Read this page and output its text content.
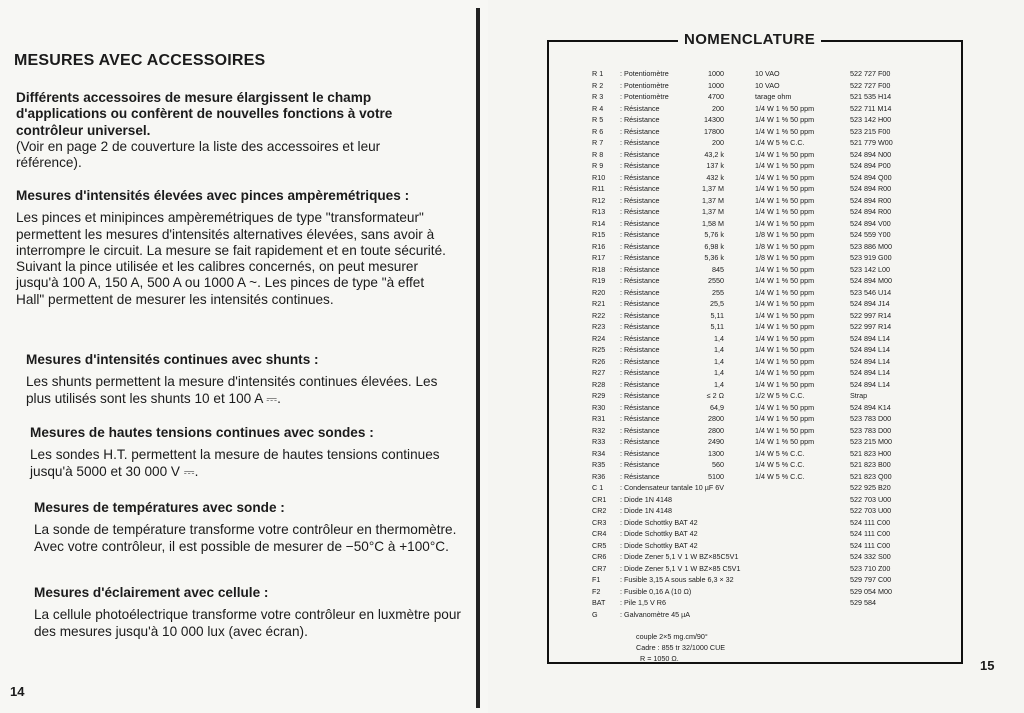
MESURES AVEC ACCESSOIRES

Différents accessoires de mesure élargissent le champ d'applications ou confèrent de nouvelles fonctions à votre contrôleur universel.

(Voir en page 2 de couverture la liste des accessoires et leur référence).

Mesures d'intensités élevées avec pinces ampèremétriques :

Les pinces et minipinces ampèremétriques de type "transformateur" permettent les mesures d'intensités alternatives élevées, sans avoir à interrompre le circuit. La mesure se fait rapidement et en toute sécurité. Suivant la pince utilisée et les calibres concernés, on peut mesurer jusqu'à 100 A, 150 A, 500 A ou 1000 A ~. Les pinces de type "à effet Hall" permettent de mesurer les intensités continues.

Mesures d'intensités continues avec shunts :

Les shunts permettent la mesure d'intensités continues élevées. Les plus utilisés sont les shunts 10 et 100 A ⎓.

Mesures de hautes tensions continues avec sondes :

Les sondes H.T. permettent la mesure de hautes tensions continues jusqu'à 5000 et 30 000 V ⎓.

Mesures de températures avec sonde :

La sonde de température transforme votre contrôleur en thermomètre. Avec votre contrôleur, il est possible de mesurer de −50°C à +100°C.

Mesures d'éclairement avec cellule :

La cellule photoélectrique transforme votre contrôleur en luxmètre pour des mesures jusqu'à 10 000 lux (avec écran).

14
NOMENCLATURE
R 1	: Potentiomètre	1000	10 VAO	522 727 F00
R 2	: Potentiomètre	1000	10 VAO	522 727 F00
R 3	: Potentiomètre	4700	tarage ohm	521 535 H14
R 4	: Résistance	200	1/4 W 1 % 50 ppm	522 711 M14
R 5	: Résistance	14300	1/4 W 1 % 50 ppm	523 142 H00
R 6	: Résistance	17800	1/4 W 1 % 50 ppm	523 215 F00
R 7	: Résistance	200	1/4 W 5 % C.C.	521 779 W00
R 8	: Résistance	43,2 k	1/4 W 1 % 50 ppm	524 894 N00
R 9	: Résistance	137 k	1/4 W 1 % 50 ppm	524 894 P00
R10	: Résistance	432 k	1/4 W 1 % 50 ppm	524 894 Q00
R11	: Résistance	1,37 M	1/4 W 1 % 50 ppm	524 894 R00
R12	: Résistance	1,37 M	1/4 W 1 % 50 ppm	524 894 R00
R13	: Résistance	1,37 M	1/4 W 1 % 50 ppm	524 894 R00
R14	: Résistance	1,58 M	1/4 W 1 % 50 ppm	524 894 V00
R15	: Résistance	5,76 k	1/8 W 1 % 50 ppm	524 559 Y00
R16	: Résistance	6,98 k	1/8 W 1 % 50 ppm	523 886 M00
R17	: Résistance	5,36 k	1/8 W 1 % 50 ppm	523 919 G00
R18	: Résistance	845	1/4 W 1 % 50 ppm	523 142 L00
R19	: Résistance	2550	1/4 W 1 % 50 ppm	524 894 M00
R20	: Résistance	255	1/4 W 1 % 50 ppm	523 546 U14
R21	: Résistance	25,5	1/4 W 1 % 50 ppm	524 894 J14
R22	: Résistance	5,11	1/4 W 1 % 50 ppm	522 997 R14
R23	: Résistance	5,11	1/4 W 1 % 50 ppm	522 997 R14
R24	: Résistance	1,4	1/4 W 1 % 50 ppm	524 894 L14
R25	: Résistance	1,4	1/4 W 1 % 50 ppm	524 894 L14
R26	: Résistance	1,4	1/4 W 1 % 50 ppm	524 894 L14
R27	: Résistance	1,4	1/4 W 1 % 50 ppm	524 894 L14
R28	: Résistance	1,4	1/4 W 1 % 50 ppm	524 894 L14
R29	: Résistance	≤ 2 Ω	1/2 W 5 % C.C.	Strap
R30	: Résistance	64,9	1/4 W 1 % 50 ppm	524 894 K14
R31	: Résistance	2800	1/4 W 1 % 50 ppm	523 783 D00
R32	: Résistance	2800	1/4 W 1 % 50 ppm	523 783 D00
R33	: Résistance	2490	1/4 W 1 % 50 ppm	523 215 M00
R34	: Résistance	1300	1/4 W 5 % C.C.	521 823 H00
R35	: Résistance	560	1/4 W 5 % C.C.	521 823 B00
R36	: Résistance	5100	1/4 W 5 % C.C.	521 823 Q00
C 1	: Condensateur tantale 10 µF 6V	522 925 B20
CR1	: Diode 1N 4148	522 703 U00
CR2	: Diode 1N 4148	522 703 U00
CR3	: Diode Schottky BAT 42	524 111 C00
CR4	: Diode Schottky BAT 42	524 111 C00
CR5	: Diode Schottky BAT 42	524 111 C00
CR6	: Diode Zener 5,1 V 1 W BZ×85C5V1	524 332 S00
CR7	: Diode Zener 5,1 V 1 W BZ×85 C5V1	523 710 Z00
F1	: Fusible 3,15 A sous sable 6,3 × 32	529 797 C00
F2	: Fusible 0,16 A (10 Ω)	529 054 M00
BAT	: Pile 1,5 V R6	529 584
G	: Galvanomètre 45 µA
couple 2×5 mg.cm/90°
Cadre : 855 tr 32/1000 CUE
R = 1050 Ω.	15
